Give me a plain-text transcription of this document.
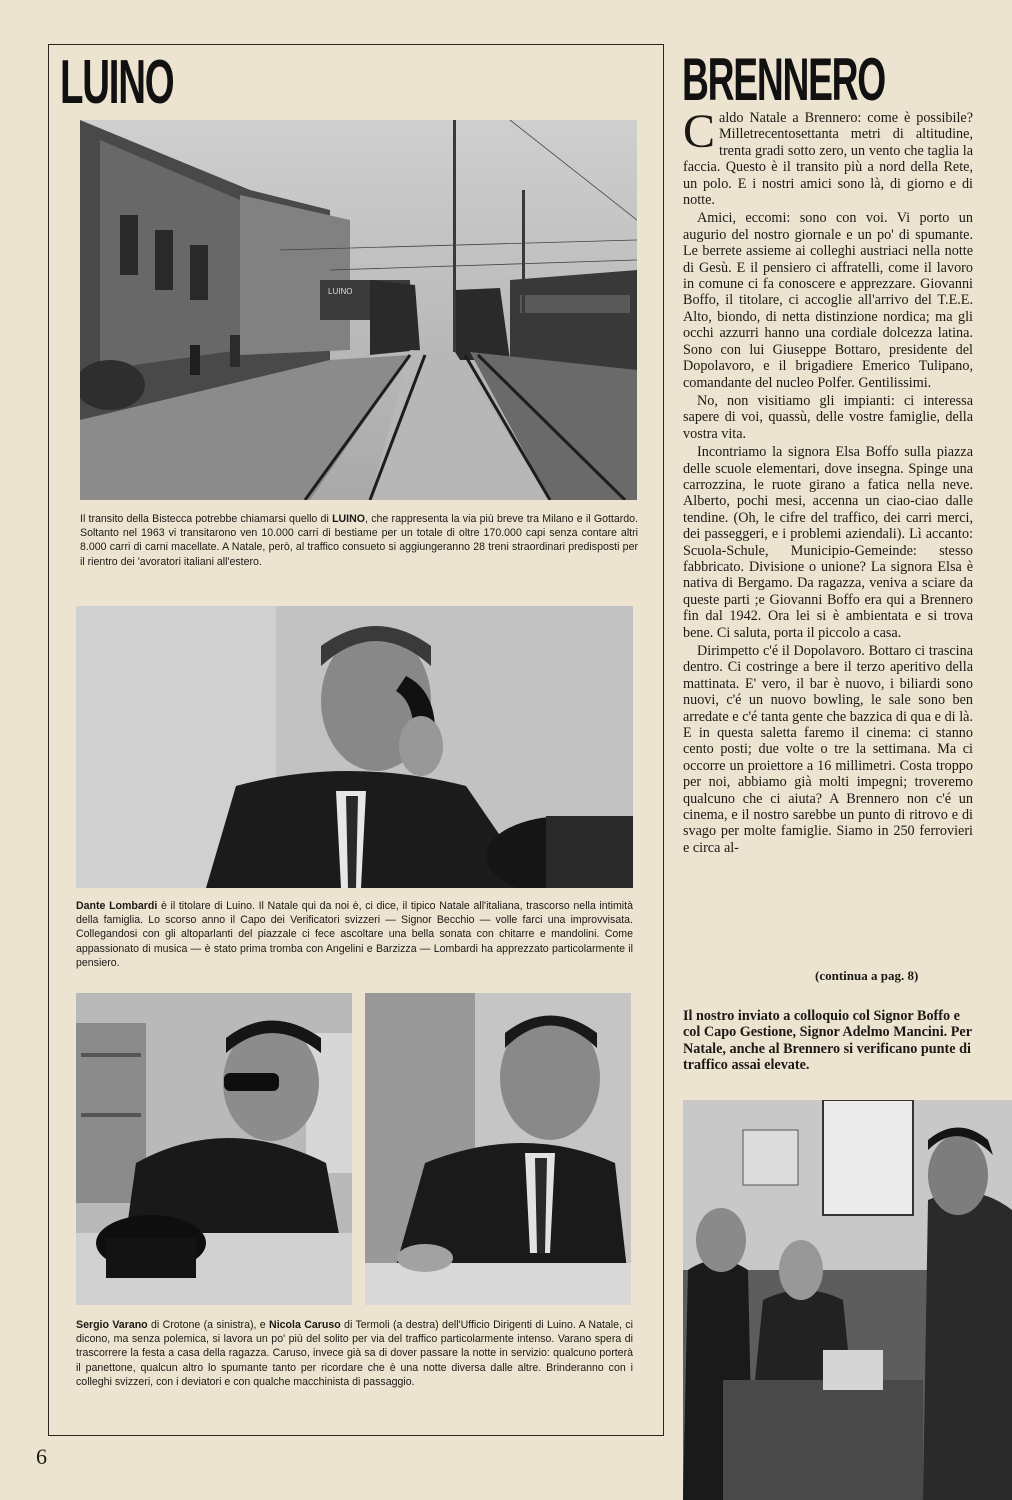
LUINO
LUINO
Il transito della Bistecca potrebbe chiamarsi quello di LUINO, che rappresenta la via più breve tra Milano e il Gottardo. Soltanto nel 1963 vi transitarono ven 10.000 carri di bestiame per un totale di oltre 170.000 capi senza contare altri 8.000 carri di carni macellate. A Natale, però, al traffico consueto si aggiungeranno 28 treni straordinari predisposti per il rientro dei 'avoratori italiani all'estero.
Dante Lombardi è il titolare di Luino. Il Natale qui da noi è, ci dice, il tipico Natale all'italiana, trascorso nella intimità della famiglia. Lo scorso anno il Capo dei Verificatori svizzeri — Signor Becchio — volle farci una improvvisata. Collegandosi con gli altoparlanti del piazzale ci fece ascoltare una bella sonata con chitarre e mandolini. Come appassionato di musica — è stato prima tromba con Angelini e Barzizza — Lombardi ha apprezzato particolarmente il pensiero.
Sergio Varano di Crotone (a sinistra), e Nicola Caruso di Termoli (a destra) dell'Ufficio Dirigenti di Luino. A Natale, ci dicono, ma senza polemica, si lavora un po' più del solito per via del traffico particolarmente intenso. Varano spera di trascorrere la festa a casa della ragazza. Caruso, invece già sa di dover passare la notte in servizio: qualcuno porterà il panettone, qualcun altro lo spumante tanto per ricordare che è una notte diversa dalle altre. Brinderanno con i colleghi svizzeri, con i deviatori e con qualche macchinista di passaggio.
BRENNERO

Caldo Natale a Brennero: come è possibile? Milletrecentosettanta metri di altitudine, trenta gradi sotto zero, un vento che taglia la faccia. Questo è il transito più a nord della Rete, un polo. E i nostri amici sono là, di giorno e di notte.

Amici, eccomi: sono con voi. Vi porto un augurio del nostro giornale e un po' di spumante. Le berrete assieme ai colleghi austriaci nella notte di Gesù. E il pensiero ci affratelli, come il lavoro in comune ci fa conoscere e apprezzare. Giovanni Boffo, il titolare, ci accoglie all'arrivo del T.E.E. Alto, biondo, di netta distinzione nordica; ma gli occhi azzurri hanno una cordiale dolcezza latina. Sono con lui Giuseppe Bottaro, presidente del Dopolavoro, e il brigadiere Emerico Tulipano, comandante del nucleo Polfer. Gentilissimi.

No, non visitiamo gli impianti: ci interessa sapere di voi, quassù, delle vostre famiglie, della vostra vita.

Incontriamo la signora Elsa Boffo sulla piazza delle scuole elementari, dove insegna. Spinge una carrozzina, le ruote girano a fatica nella neve. Alberto, pochi mesi, accenna un ciao-ciao dalle tendine. (Oh, le cifre del traffico, dei carri merci, dei passeggeri, e i problemi aziendali). Lì accanto: Scuola-Schule, Municipio-Gemeinde: stesso fabbricato. Divisione o unione? La signora Elsa è nativa di Bergamo. Da ragazza, veniva a sciare da queste parti ;e Giovanni Boffo era qui a Brennero fin dal 1942. Ora lei si è ambientata e si trova bene. Ci saluta, porta il piccolo a casa.

Dirimpetto c'é il Dopolavoro. Bottaro ci trascina dentro. Ci costringe a bere il terzo aperitivo della mattinata. E' vero, il bar è nuovo, i biliardi sono nuovi, c'é un nuovo bowling, le sale sono ben arredate e c'é tanta gente che bazzica di qua e di là. E in questa saletta faremo il cinema: ci stanno cento posti; due volte o tre la settimana. Ma ci occorre un proiettore a 16 millimetri. Costa troppo per noi, abbiamo già molti impegni; troveremo qualcuno che ci aiuta? A Brennero non c'é un cinema, e il nostro sarebbe un punto di ritrovo e di svago per molte famiglie. Siamo in 250 ferrovieri e circa al-

(continua a pag. 8)
Il nostro inviato a colloquio col Signor Boffo e col Capo Gestione, Signor Adelmo Mancini. Per Natale, anche al Brennero si verificano punte di traffico assai elevate.
6
